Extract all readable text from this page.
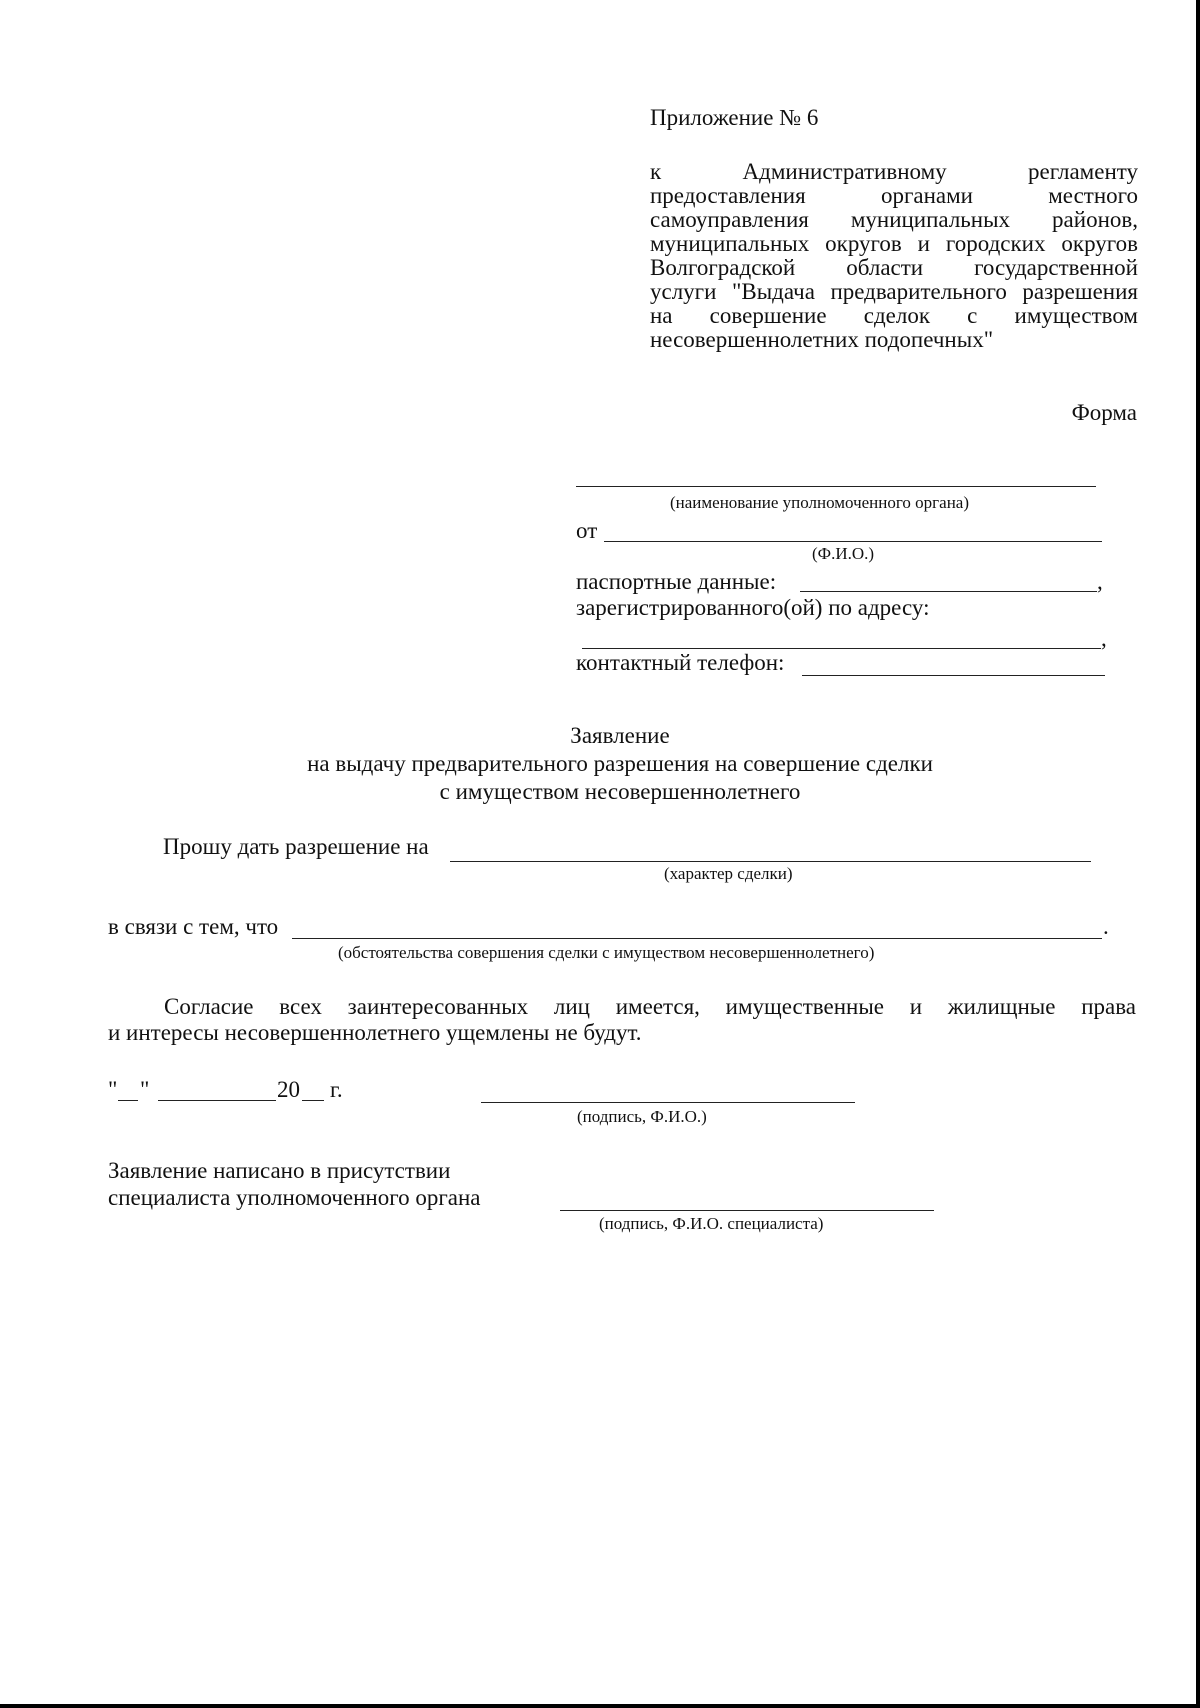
Приложение № 6
к Административному регламенту
предоставления органами местного
самоуправления муниципальных районов,
муниципальных округов и городских округов
Волгоградской области государственной
услуги "Выдача предварительного разрешения
на совершение сделок с имуществом
несовершеннолетних подопечных"
Форма
(наименование уполномоченного органа)
от
(Ф.И.О.)
паспортные данные:	,
зарегистрированного(ой) по адресу:
,
контактный телефон:
Заявление
на выдачу предварительного разрешения на совершение сделки
с имуществом несовершеннолетнего
Прошу дать разрешение на
(характер сделки)
в связи с тем, что	.
(обстоятельства совершения сделки с имуществом несовершеннолетнего)
Согласие всех заинтересованных лиц имеется, имущественные и жилищные права
и интересы несовершеннолетнего ущемлены не будут.
" "	20 г.
(подпись, Ф.И.О.)
Заявление написано в присутствии
специалиста уполномоченного органа
(подпись, Ф.И.О. специалиста)
